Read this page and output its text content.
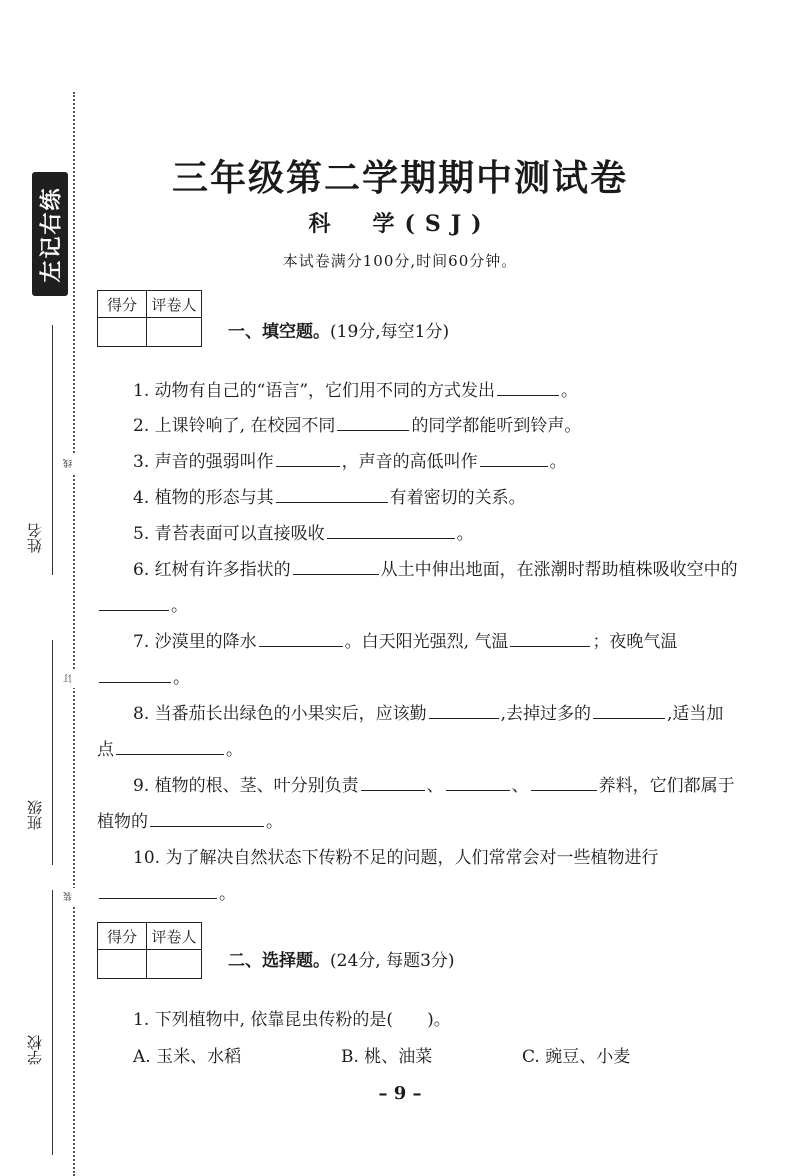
左记右练
姓名
班级
学校
线
订
装
三年级第二学期期中测试卷
科　学(SJ)
本试卷满分100分,时间60分钟。
得分	评卷人

一、填空题。(19分,每空1分)
1. 动物有自己的“语言”，它们用不同的方式发出	。
2. 上课铃响了, 在校园不同	的同学都能听到铃声。
3. 声音的强弱叫作	，声音的高低叫作	。
4. 植物的形态与其	有着密切的关系。
5. 青苔表面可以直接吸收	。
6. 红树有许多指状的	从土中伸出地面，在涨潮时帮助植株吸收空中的。
7. 沙漠里的降水	。白天阳光强烈, 气温	；夜晚气温。
8. 当番茄长出绿色的小果实后，应该勤	,去掉过多的	,适当加点	。
9. 植物的根、茎、叶分别负责	、	、	养料，它们都属于植物的	。
10. 为了解决自然状态下传粉不足的问题，人们常常会对一些植物进行。
得分	评卷人

二、选择题。(24分, 每题3分)
1. 下列植物中, 依靠昆虫传粉的是(　　)。
A. 玉米、水稻	B. 桃、油菜	C. 豌豆、小麦
– 9 –
